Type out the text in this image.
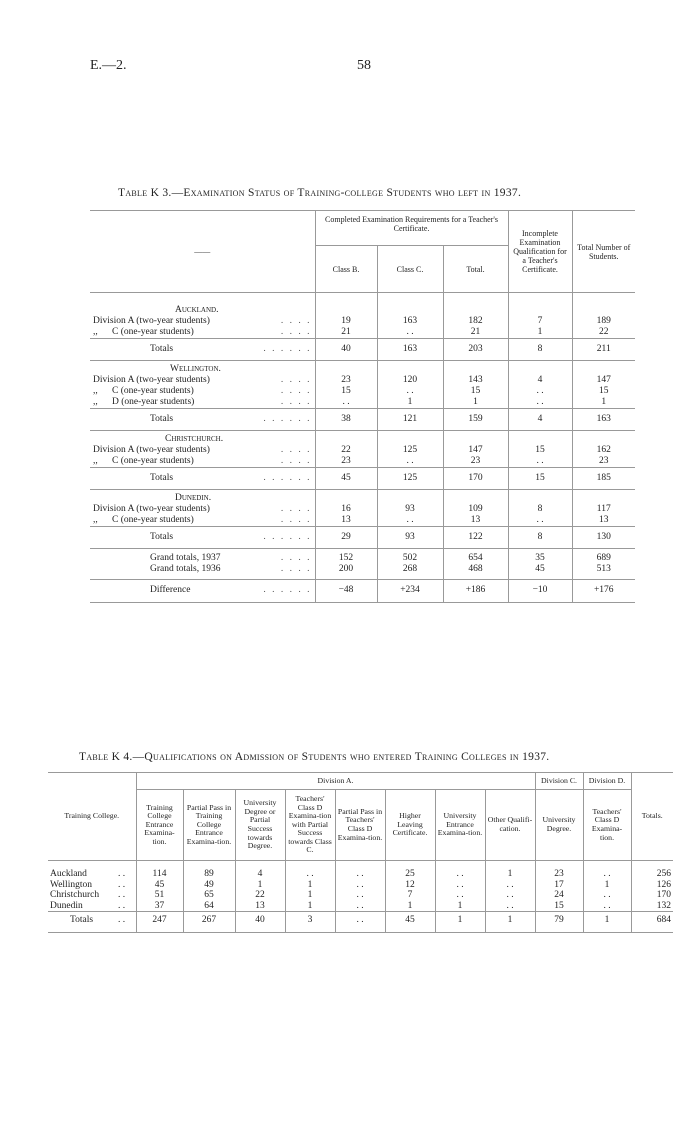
E.—2.	58
Table K 3.—Examination Status of Training-college Students who left in 1937.
——		Completed Examination Requirements for a Teacher's Certificate.			Incomplete Examination Qualification for a Teacher's Certificate.	Total Number of Students.
		Class B.	Class C.	Total.		

Auckland.						
Division A (two-year students)	. . . .	19	163	182	7	189
,,      C (one-year students)	. . . .	21	. .	21	1	22
Totals	. . . . . .	40	163	203	8	211
Wellington.						
Division A (two-year students)	. . . .	23	120	143	4	147
,,      C (one-year students)	. . . .	15	. .	15	. .	15
,,      D (one-year students)	. . . .	. .	1	1	. .	1
Totals	. . . . . .	38	121	159	4	163
Christchurch.						
Division A (two-year students)	. . . .	22	125	147	15	162
,,      C (one-year students)	. . . .	23	. .	23	. .	23
Totals	. . . . . .	45	125	170	15	185
Dunedin.						
Division A (two-year students)	. . . .	16	93	109	8	117
,,      C (one-year students)	. . . .	13	. .	13	. .	13
Totals	. . . . . .	29	93	122	8	130
Grand totals, 1937	. . . .	152	502	654	35	689
Grand totals, 1936	. . . .	200	268	468	45	513
Difference	. . . . . .	−48	+234	+186	−10	+176
Table K 4.—Qualifications on Admission of Students who entered Training Colleges in 1937.
Training College.		Division A.								Division C.	Division D.	Totals.
		Training College Entrance Examina-tion.	Partial Pass in Training College Entrance Examina-tion.	University Degree or Partial Success towards Degree.	Teachers' Class D Examina-tion with Partial Success towards Class C.	Partial Pass in Teachers' Class D Examina-tion.	Higher Leaving Certificate.	University Entrance Examina-tion.	Other Qualifi-cation.	University Degree.	Teachers' Class D Examina-tion.	

Auckland	. .	114	89	4	. .	. .	25	. .	1	23	. .	256
Wellington	. .	45	49	1	1	. .	12	. .	. .	17	1	126
Christchurch	. .	51	65	22	1	. .	7	. .	. .	24	. .	170
Dunedin	. .	37	64	13	1	. .	1	1	. .	15	. .	132
Totals	. .	247	267	40	3	. .	45	1	1	79	1	684
